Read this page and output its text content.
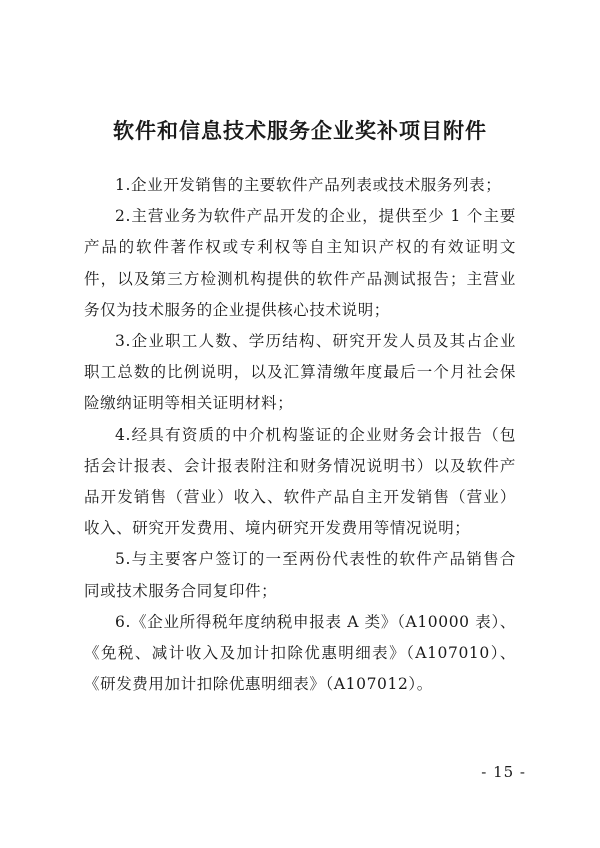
软件和信息技术服务企业奖补项目附件

1.企业开发销售的主要软件产品列表或技术服务列表；

2.主营业务为软件产品开发的企业，提供至少 1 个主要产品的软件著作权或专利权等自主知识产权的有效证明文件，以及第三方检测机构提供的软件产品测试报告；主营业务仅为技术服务的企业提供核心技术说明；

3.企业职工人数、学历结构、研究开发人员及其占企业职工总数的比例说明，以及汇算清缴年度最后一个月社会保险缴纳证明等相关证明材料；

4.经具有资质的中介机构鉴证的企业财务会计报告（包括会计报表、会计报表附注和财务情况说明书）以及软件产品开发销售（营业）收入、软件产品自主开发销售（营业）收入、研究开发费用、境内研究开发费用等情况说明；

5.与主要客户签订的一至两份代表性的软件产品销售合同或技术服务合同复印件；

6.《企业所得税年度纳税申报表 A 类》（A10000 表）、《免税、减计收入及加计扣除优惠明细表》（A107010）、《研发费用加计扣除优惠明细表》（A107012）。

- 15 -
